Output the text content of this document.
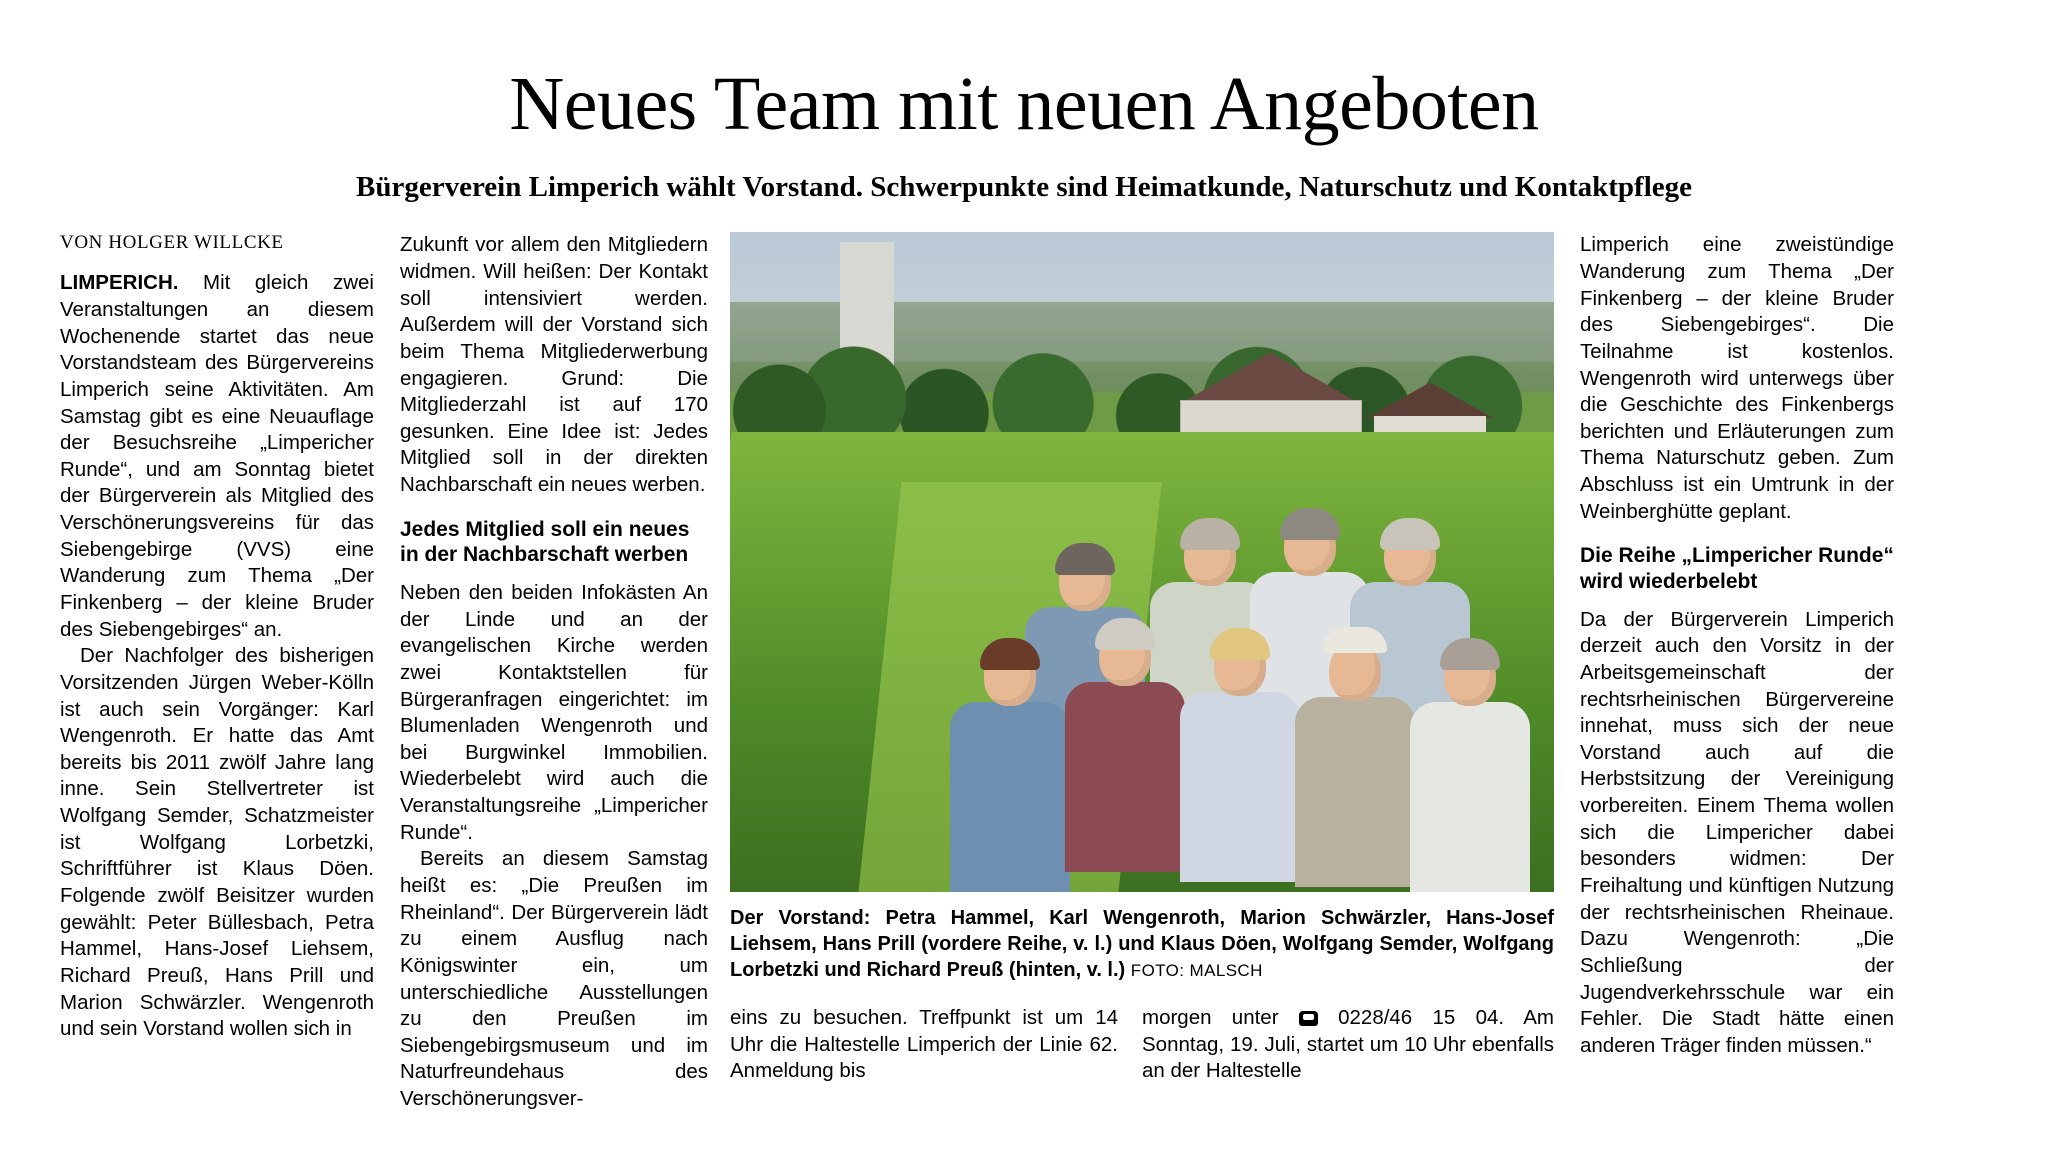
Neues Team mit neuen Angeboten
Bürgerverein Limperich wählt Vorstand. Schwerpunkte sind Heimatkunde, Naturschutz und Kontaktpflege
VON HOLGER WILLCKE

LIMPERICH. Mit gleich zwei Veranstaltungen an diesem Wochenende startet das neue Vorstandsteam des Bürgervereins Limperich seine Aktivitäten. Am Samstag gibt es eine Neuauflage der Besuchsreihe „Limpericher Runde“, und am Sonntag bietet der Bürgerverein als Mitglied des Verschönerungsvereins für das Siebengebirge (VVS) eine Wanderung zum Thema „Der Finkenberg – der kleine Bruder des Siebengebirges“ an.

Der Nachfolger des bisherigen Vorsitzenden Jürgen Weber-Kölln ist auch sein Vorgänger: Karl Wengenroth. Er hatte das Amt bereits bis 2011 zwölf Jahre lang inne. Sein Stellvertreter ist Wolfgang Semder, Schatzmeister ist Wolfgang Lorbetzki, Schriftführer ist Klaus Döen. Folgende zwölf Beisitzer wurden gewählt: Peter Büllesbach, Petra Hammel, Hans-Josef Liehsem, Richard Preuß, Hans Prill und Marion Schwärzler. Wengenroth und sein Vorstand wollen sich in

Zukunft vor allem den Mitgliedern widmen. Will heißen: Der Kontakt soll intensiviert werden. Außerdem will der Vorstand sich beim Thema Mitgliederwerbung engagieren. Grund: Die Mitgliederzahl ist auf 170 gesunken. Eine Idee ist: Jedes Mitglied soll in der direkten Nachbarschaft ein neues werben.

Jedes Mitglied soll ein neues in der Nachbarschaft werben

Neben den beiden Infokästen An der Linde und an der evangelischen Kirche werden zwei Kontaktstellen für Bürgeranfragen eingerichtet: im Blumenladen Wengenroth und bei Burgwinkel Immobilien. Wiederbelebt wird auch die Veranstaltungsreihe „Limpericher Runde“.

Bereits an diesem Samstag heißt es: „Die Preußen im Rheinland“. Der Bürgerverein lädt zu einem Ausflug nach Königswinter ein, um unterschiedliche Ausstellungen zu den Preußen im Siebengebirgsmuseum und im Naturfreundehaus des Verschönerungsver-

Der Vorstand: Petra Hammel, Karl Wengenroth, Marion Schwärzler, Hans-Josef Liehsem, Hans Prill (vordere Reihe, v. l.) und Klaus Döen, Wolfgang Semder, Wolfgang Lorbetzki und Richard Preuß (hinten, v. l.) FOTO: MALSCH

eins zu besuchen. Treffpunkt ist um 14 Uhr die Haltestelle Limperich der Linie 62. Anmeldung bis

morgen unter  0228/46 15 04. Am Sonntag, 19. Juli, startet um 10 Uhr ebenfalls an der Haltestelle

Limperich eine zweistündige Wanderung zum Thema „Der Finkenberg – der kleine Bruder des Siebengebirges“. Die Teilnahme ist kostenlos. Wengenroth wird unterwegs über die Geschichte des Finkenbergs berichten und Erläuterungen zum Thema Naturschutz geben. Zum Abschluss ist ein Umtrunk in der Weinberghütte geplant.

Die Reihe „Limpericher Runde“ wird wiederbelebt

Da der Bürgerverein Limperich derzeit auch den Vorsitz in der Arbeitsgemeinschaft der rechtsrheinischen Bürgervereine innehat, muss sich der neue Vorstand auch auf die Herbstsitzung der Vereinigung vorbereiten. Einem Thema wollen sich die Limpericher dabei besonders widmen: Der Freihaltung und künftigen Nutzung der rechtsrheinischen Rheinaue. Dazu Wengenroth: „Die Schließung der Jugendverkehrsschule war ein Fehler. Die Stadt hätte einen anderen Träger finden müssen.“
